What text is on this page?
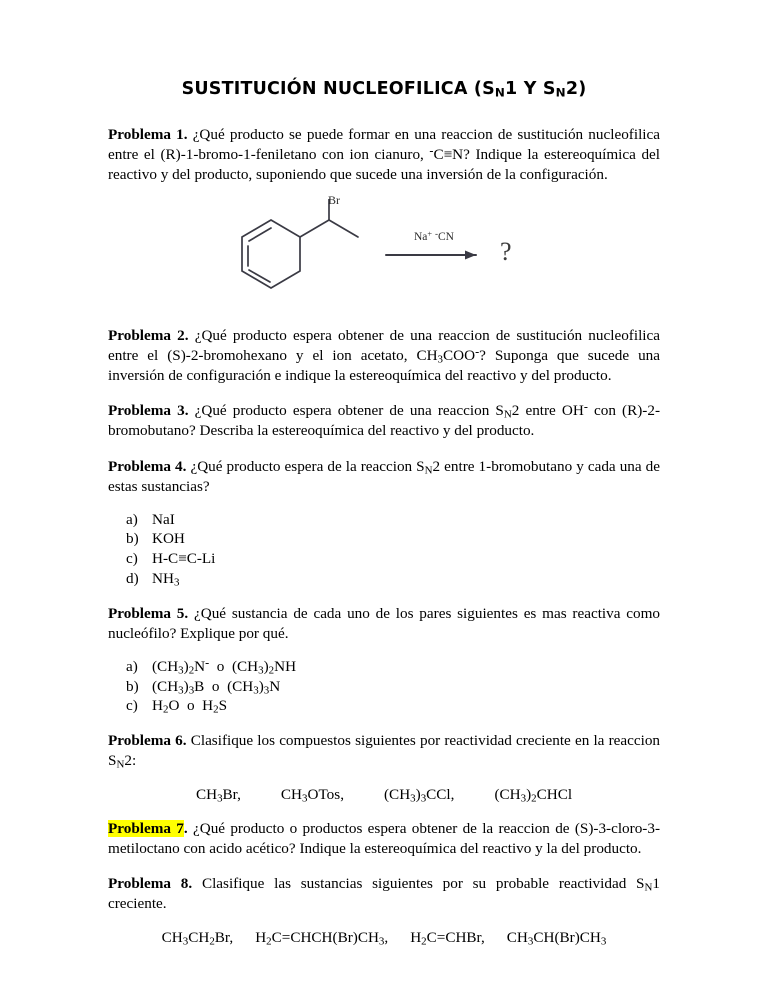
SUSTITUCIÓN NUCLEOFILICA ($S_N1$ Y $S_N2$)

Problema 1. ¿Qué producto se puede formar en una reaccion de sustitución nucleofilica entre el (R)-1-bromo-1-feniletano con ion cianuro, -C≡N? Indique la estereoquímica del reactivo y del producto, suponiendo que sucede una inversión de la configuración.

Br
Na+ -CN	?

Problema 2. ¿Qué producto espera obtener de una reaccion de sustitución nucleofilica entre el (S)-2-bromohexano y el ion acetato, $CH_3COO^-$? Suponga que sucede una inversión de configuración e indique la estereoquímica del reactivo y del producto.

Problema 3. ¿Qué producto espera obtener de una reaccion $S_N2$ entre OH- con (R)-2-bromobutano? Describa la estereoquímica del reactivo y del producto.

Problema 4. ¿Qué producto espera de la reaccion $S_N2$ entre 1-bromobutano y cada una de estas sustancias?

a) NaI
b) KOH
c) H-C≡C-Li
d) $NH_3$

Problema 5. ¿Qué sustancia de cada uno de los pares siguientes es mas reactiva como nucleófilo? Explique por qué.

a) $(CH_3)_2N^-$  o  $(CH_3)_2NH$
b) $(CH_3)_3B$  o  $(CH_3)_3N$
c) $H_2O$  o  $H_2S$

Problema 6. Clasifique los compuestos siguientes por reactividad creciente en la reaccion $S_N2$:

$CH_3Br$,	$CH_3OTos$,	$(CH_3)_3CCl$,	$(CH_3)_2CHCl$

Problema 7. ¿Qué producto o productos espera obtener de la reaccion de (S)-3-cloro-3-metiloctano con acido acético? Indique la estereoquímica del reactivo y la del producto.

Problema 8. Clasifique las sustancias siguientes por su probable reactividad $S_N1$ creciente.

$CH_3CH_2Br$, $H_2C=CHCH(Br)CH_3$, $H_2C=CHBr$, $CH_3CH(Br)CH_3$
